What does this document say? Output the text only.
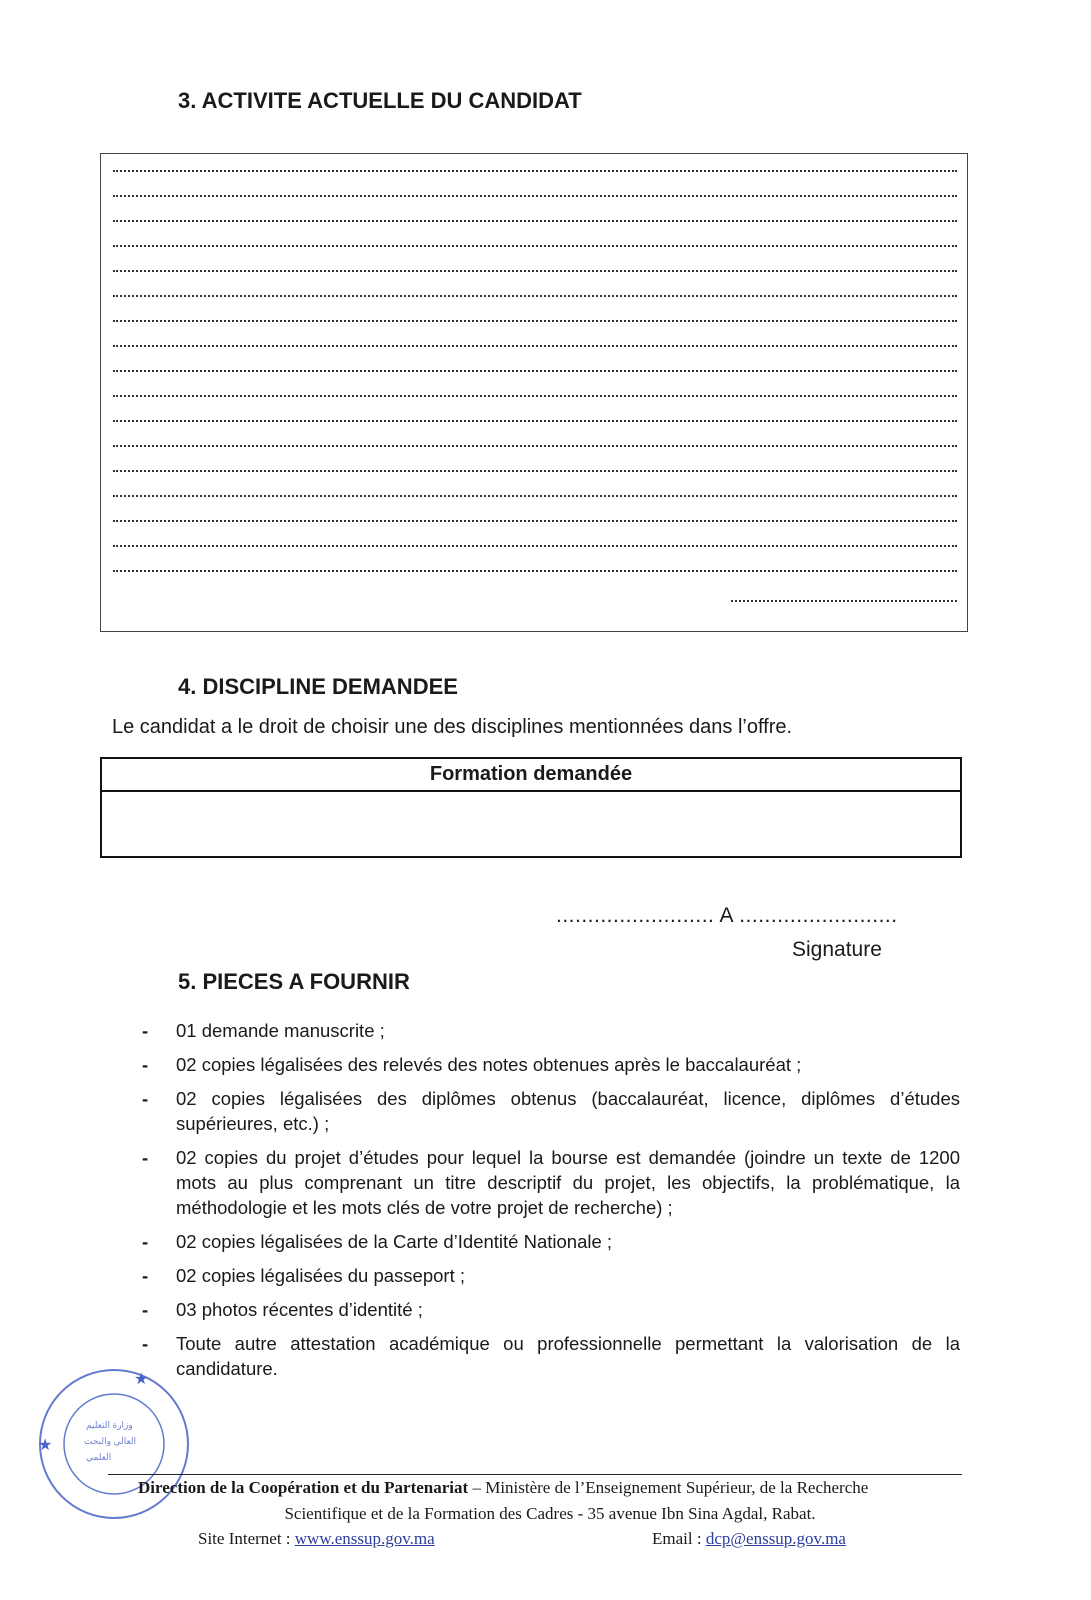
3. ACTIVITE ACTUELLE DU CANDIDAT
4. DISCIPLINE DEMANDEE
Le candidat a le droit de choisir une des disciplines mentionnées dans l’offre.
Formation demandée
......................... A .........................
Signature
5. PIECES A FOURNIR
- 01 demande manuscrite ;
- 02 copies légalisées des relevés des notes obtenues après le baccalauréat ;
- 02 copies légalisées des diplômes obtenus (baccalauréat, licence, diplômes d’études supérieures, etc.) ;
- 02 copies du projet d’études pour lequel la bourse est demandée (joindre un texte de 1200 mots au plus comprenant un titre descriptif du projet, les objectifs, la problématique, la méthodologie et les mots clés de votre projet de recherche) ;
- 02 copies légalisées de la Carte d’Identité Nationale ;
- 02 copies légalisées du passeport ;
- 03 photos récentes d’identité ;
- Toute autre attestation académique ou professionnelle permettant la valorisation de la candidature.
★
★
وزارة التعليم
العالي والبحث
العلمي
Direction de la Coopération et du Partenariat – Ministère de l’Enseignement Supérieur, de la Recherche
Scientifique et de la Formation des Cadres - 35 avenue Ibn Sina Agdal, Rabat.
Site Internet : www.enssup.gov.ma	Email : dcp@enssup.gov.ma
